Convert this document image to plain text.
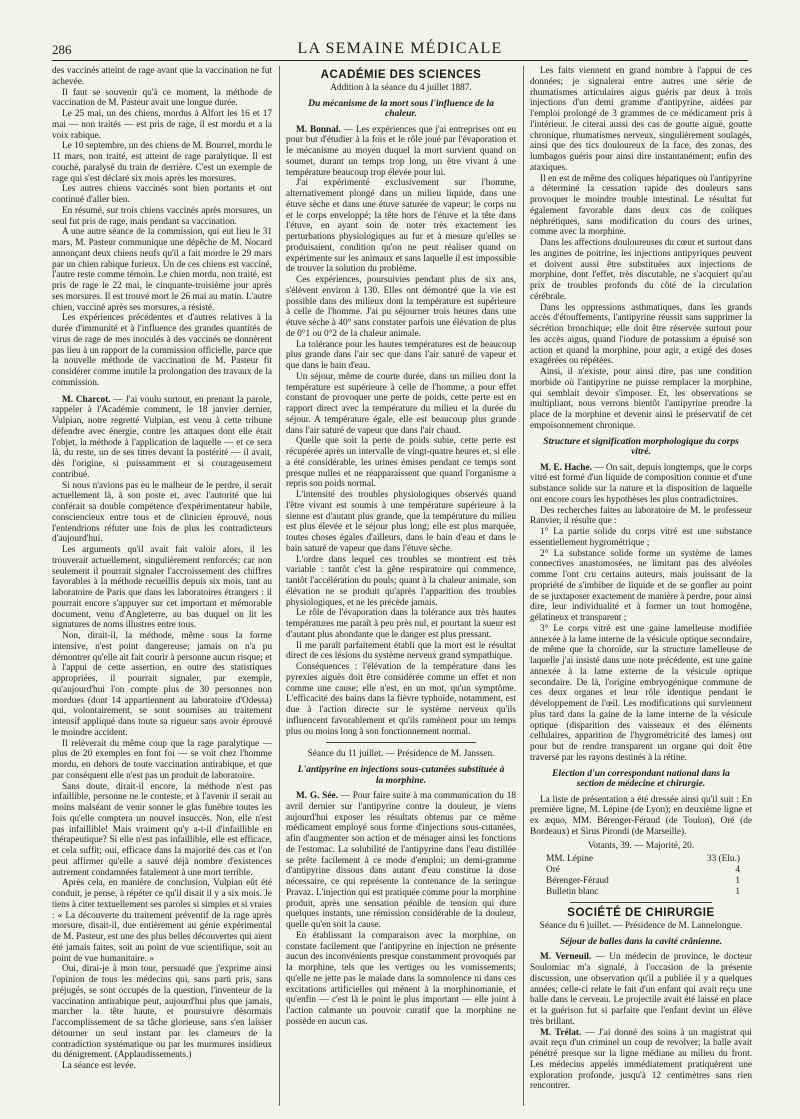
286	LA SEMAINE MÉDICALE

des vaccinés atteint de rage avant que la vaccination ne fut achevée.

Il faut se souvenir qu'à ce moment, la méthode de vaccination de M. Pasteur avait une longue durée.

Le 25 mai, un des chiens, mordus à Alfort les 16 et 17 mai — non traités — est pris de rage, il est mordu et a la voix rabique.

Le 10 septembre, un des chiens de M. Bourrel, mordu le 11 mars, non traité, est atteint de rage paralytique. Il est couché, paralysé du train de derrière. C'est un exemple de rage qui s'est déclaré six mois après les morsures.

Les autres chiens vaccinés sont bien portants et ont continué d'aller bien.

En résumé, sur trois chiens vaccinés après morsures, un seul fut pris de rage, mais pendant sa vaccination.

A une autre séance de la commission, qui eut lieu le 31 mars, M. Pasteur communique une dépêche de M. Nocard annonçant deux chiens neufs qu'il a fait mordre le 29 mars par un chien rabique furieux. Un de ces chiens est vacciné, l'autre reste comme témoin. Le chien mordu, non traité, est pris de rage le 22 mai, le cinquante-troisième jour après ses morsures. Il est trouvé mort le 26 mai au matin. L'autre chien, vacciné après ses morsures, a résisté.

Les expériences précédentes et d'autres relatives à la durée d'immunité et à l'influence des grandes quantités de virus de rage de mes inoculés à des vaccinés ne donnèrent pas lieu à un rapport de la commission officielle, parce que la nouvelle méthode de vaccination de M. Pasteur fit considérer comme inutile la prolongation des travaux de la commission.

M. Charcot. — J'ai voulu surtout, en prenant la parole, rappeler à l'Académie comment, le 18 janvier dernier, Vulpian, notre regretté Vulpian, est venu à cette tribune défendre avec énergie, contre les attaques dont elle était l'objet, la méthode à l'application de laquelle — et ce sera là, du reste, un de ses titres devant la postérité — il avait, dès l'origine, si puissamment et si courageusement contribué.

Si nous n'avions pas eu le malheur de le perdre, il serait actuellement là, à son poste et, avec l'autorité que lui conférait sa double compétence d'expérimentateur habile, consciencieux entre tous et de clinicien éprouvé, nous l'entendrions réfuter une fois de plus les contradicteurs d'aujourd'hui.

Les arguments qu'il avait fait valoir alors, il les trouverait actuellement, singulièrement renforcés; car non seulement il pourrait signaler l'accroissement des chiffres favorables à la méthode recueillis depuis six mois, tant au laboratoire de Paris que dans les laboratoires étrangers : il pourrait encore s'appuyer sur cet important et mémorable document, venu d'Angleterre, au bas duquel on lit les signatures de noms illustres entre tous.

Non, dirait-il, la méthode, même sous la forme intensive, n'est point dangereuse; jamais on n'a pu démontrer qu'elle ait fait courir à personne aucun risque; et à l'appui de cette assertion, en outre des statistiques appropriées, il pourrait signaler, par exemple, qu'aujourd'hui l'on compte plus de 30 personnes non mordues (dont 14 appartiennent au laboratoire d'Odessa) qui, volontairement, se sont soumises au traitement intensif appliqué dans toute sa rigueur sans avoir éprouvé le moindre accident.

Il relèverait du même coup que la rage paralytique — plus de 20 exemples en font foi — se voit chez l'homme mordu, en dehors de toute vaccination antirabique, et que par conséquent elle n'est pas un produit de laboratoire.

Sans doute, dirait-il encore, la méthode n'est pas infaillible, personne ne le conteste, et à l'avenir il serait au moins malséant de venir sonner le glas funèbre toutes les fois qu'elle comptera un nouvel insuccès. Non, elle n'est pas infaillible! Mais vraiment qu'y a-t-il d'infaillible en thérapeutique? Si elle n'est pas infaillible, elle est efficace, et cela suffit; oui, efficace dans la majorité des cas et l'on peut affirmer qu'elle a sauvé déjà nombre d'existences autrement condamnées fatalement à une mort terrible.

Après cela, en manière de conclusion, Vulpian eût été conduit, je pense, à répéter ce qu'il disait il y a six mois. Je tiens à citer textuellement ses paroles si simples et si vraies : « La découverte du traitement préventif de la rage après morsure, disait-il, due entièrement au génie expérimental de M. Pasteur, est une des plus belles découvertes qui aient été jamais faites, soit au point de vue scientifique, soit au point de vue humanitaire. »

Oui, dirai-je à mon tour, persuadé que j'exprime ainsi l'opinion de tous les médecins qui, sans parti pris, sans préjugés, se sont occupés de la question, l'inventeur de la vaccination antirabique peut, aujourd'hui plus que jamais, marcher la tête haute, et poursuivre désormais l'accomplissement de sa tâche glorieuse, sans s'en laisser détourner un seul instant par les clameurs de la contradiction systématique ou par les murmures insidieux du dénigrement. (Applaudissements.)

La séance est levée.

ACADÉMIE DES SCIENCES
Addition à la séance du 4 juillet 1887.
Du mécanisme de la mort sous l'influence de la chaleur.

M. Bonnal. — Les expériences que j'ai entreprises ont eu pour but d'étudier à la fois et le rôle joué par l'évaporation et le mécanisme au moyen duquel la mort survient quand on soumet, durant un temps trop long, un être vivant à une température beaucoup trop élevée pour lui.

J'ai expérimenté exclusivement sur l'homme, alternativement plongé dans un milieu liquide, dans une étuve sèche et dans une étuve saturée de vapeur; le corps nu et le corps enveloppé; la tête hors de l'étuve et la tête dans l'étuve, en ayant soin de noter très exactement les perturbations physiologiques au fur et à mesure qu'elles se produisaient, condition qu'on ne peut réaliser quand on expérimente sur les animaux et sans laquelle il est impossible de trouver la solution du problème.

Ces expériences, poursuivies pendant plus de six ans, s'élèvent environ à 130. Elles ont démontré que la vie est possible dans des milieux dont la température est supérieure à celle de l'homme. J'ai pu séjourner trois heures dans une étuve sèche à 40° sans constater parfois une élévation de plus de 0°1 ou 0°2 de la chaleur animale.

La tolérance pour les hautes températures est de beaucoup plus grande dans l'air sec que dans l'air saturé de vapeur et que dans le bain d'eau.

Un séjour, même de courte durée, dans un milieu dont la température est supérieure à celle de l'homme, a pour effet constant de provoquer une perte de poids, cette perte est en rapport direct avec la température du milieu et la durée du séjour. A température égale, elle est beaucoup plus grande dans l'air saturé de vapeur que dans l'air chaud.

Quelle que soit la perte de poids subie, cette perte est récupérée après un intervalle de vingt-quatre heures et, si elle a été considérable, les urines émises pendant ce temps sont presque nulles et ne réapparaissent que quand l'organisme a repris son poids normal.

L'intensité des troubles physiologiques observés quand l'être vivant est soumis à une température supérieure à la sienne est d'autant plus grande, que la température du milieu est plus élevée et le séjour plus long; elle est plus marquée, toutes choses égales d'ailleurs, dans le bain d'eau et dans le bain saturé de vapeur que dans l'étuve sèche.

L'ordre dans lequel ces troubles se montrent est très variable : tantôt c'est la gêne respiratoire qui commence, tantôt l'accélération du pouls; quant à la chaleur animale, son élévation ne se produit qu'après l'apparition des troubles physiologiques, et ne les précède jamais.

Le rôle de l'évaporation dans la tolérance aux très hautes températures me paraît à peu près nul, et pourtant la sueur est d'autant plus abondante que le danger est plus pressant.

Il me paraît parfaitement établi que la mort est le résultat direct de ces lésions du système nerveux grand sympathique.

Conséquences : l'élévation de la température dans les pyrexies aiguës doit être considérée comme un effet et non comme une cause; elle n'est, en un mot, qu'un symptôme. L'efficacité des bains dans la fièvre typhoïde, notamment, est due à l'action directe sur le système nerveux qu'ils influencent favorablement et qu'ils ramènent pour un temps plus ou moins long à son fonctionnement normal.

Séance du 11 juillet. — Présidence de M. Janssen.
L'antipyrine en injections sous-cutanées substituée à la morphine.

M. G. Sée. — Pour faire suite à ma communication du 18 avril dernier sur l'antipyrine contre la douleur, je viens aujourd'hui exposer les résultats obtenus par ce même médicament employé sous forme d'injections sous-cutanées, afin d'augmenter son action et de ménager ainsi les fonctions de l'estomac. La solubilité de l'antipyrine dans l'eau distillée se prête facilement à ce mode d'emploi; un demi-gramme d'antipyrine dissous dans autant d'eau constitue la dose nécessaire, ce qui représente la contenance de la seringue Pravaz. L'injection qui est pratiquée comme pour la morphine produit, après une sensation pénible de tension qui dure quelques instants, une rémission considérable de la douleur, quelle qu'en soit la cause.

En établissant la comparaison avec la morphine, on constate facilement que l'antipyrine en injection ne présente aucun des inconvénients presque constamment provoqués par la morphine, tels que les vertiges ou les vomissements; qu'elle ne jette pas le malade dans la somnolence ni dans ces excitations artificielles qui mènent à la morphinomanie, et qu'enfin — c'est là le point le plus important — elle joint à l'action calmante un pouvoir curatif que la morphine ne possède en aucun cas.

Les faits viennent en grand nombre à l'appui de ces données; je signalerai entre autres une série de rhumatismes articulaires aigus guéris par deux à trois injections d'un demi gramme d'antipyrine, aidées par l'emploi prolongé de 3 grammes de ce médicament pris à l'intérieur. Je citerai aussi des cas de goutte aiguë, goutte chronique, rhumatismes nerveux, singulièrement soulagés, ainsi que des tics douloureux de la face, des zonas, des lumbagos guéris pour ainsi dire instantanément; enfin des ataxiques.

Il en est de même des coliques hépatiques où l'antipyrine a déterminé la cessation rapide des douleurs sans provoquer le moindre trouble intestinal. Le résultat fut également favorable dans deux cas de coliques néphrétiques, sans modification du cours des urines, comme avec la morphine.

Dans les affections douloureuses du cœur et surtout dans les angines de poitrine, les injections antipyriques peuvent et doivent aussi être substituées aux injections de morphine, dont l'effet, très discutable, ne s'acquiert qu'au prix de troubles profonds du côté de la circulation cérébrale.

Dans les oppressions asthmatiques, dans les grands accès d'étouffements, l'antipyrine réussit sans supprimer la sécrétion bronchique; elle doit être réservée surtout pour les accès aigus, quand l'iodure de potassium a épuisé son action et quand la morphine, pour agir, a exigé des doses exagérées ou répétées.

Ainsi, il n'existe, pour ainsi dire, pas une condition morbide où l'antipyrine ne puisse remplacer la morphine, qui semblait devoir s'imposer. Et, les observations se multipliant, nous verrons bientôt l'antipyrine prendre la place de la morphine et devenir ainsi le préservatif de cet empoisonnement chronique.

Structure et signification morphologique du corps vitré.

M. E. Hache. — On sait, depuis longtemps, que le corps vitré est formé d'un liquide de composition connue et d'une substance solide sur la nature et la disposition de laquelle ont encore cours les hypothèses les plus contradictoires.

Des recherches faites au laboratoire de M. le professeur Ranvier, il résulte que :

1° La partie solide du corps vitré est une substance essentiellement hygrométrique ;

2° La substance solide forme un système de lames connectives anastomosées, ne limitant pas des alvéoles comme l'ont cru certains auteurs, mais jouissant de la propriété de s'imbiber de liquide et de se gonfler au point de se juxtaposer exactement de manière à perdre, pour ainsi dire, leur individualité et à former un tout homogène, gélatineux et transparent ;

3° Le corps vitré est une gaine lamelleuse modifiée annexée à la lame interne de la vésicule optique secondaire, de même que la choroïde, sur la structure lamelleuse de laquelle j'ai insisté dans une note précédente, est une gaine annexée à la lame externe de la vésicule optique secondaire. De là, l'origine embryogénique commune de ces deux organes et leur rôle identique pendant le développement de l'œil. Les modifications qui surviennent plus tard dans la gaine de la lame interne de la vésicule optique (disparition des vaisseaux et des éléments cellulaires, apparition de l'hygrométricité des lames) ont pour but de rendre transparent un organe qui doit être traversé par les rayons destinés à la rétine.

Election d'un correspondant national dans la section de médecine et chirurgie.

La liste de présentation a été dressée ainsi qu'il suit : En première ligne, M. Lépine (de Lyon); en deuxième ligne et ex æquo, MM. Bérenger-Féraud (de Toulon), Oré (de Bordeaux) et Sirus Pirondi (de Marseille).

Votants, 39. — Majorité, 20.
MM. Lépine	33 (Elu.)
Oré	4
Bérenger-Féraud	1
Bulletin blanc	1
SOCIÉTÉ DE CHIRURGIE
Séance du 6 juillet. — Présidence de M. Lannelongue.
Séjour de balles dans la cavité crânienne.

M. Verneuil. — Un médecin de province, le docteur Soulomiac m'a signalé, à l'occasion de la présente discussion, une observation qu'il a publiée il y a quelques années; celle-ci relate le fait d'un enfant qui avait reçu une balle dans le cerveau. Le projectile avait été laissé en place et la guérison fut si parfaite que l'enfant devint un élève très brillant.

M. Trélat. — J'ai donné des soins à un magistrat qui avait reçu d'un criminel un coup de revolver; la balle avait pénétré presque sur la ligne médiane au milieu du front. Les médecins appelés immédiatement pratiquèrent une exploration profonde, jusqu'à 12 centimètres sans rien rencontrer.
